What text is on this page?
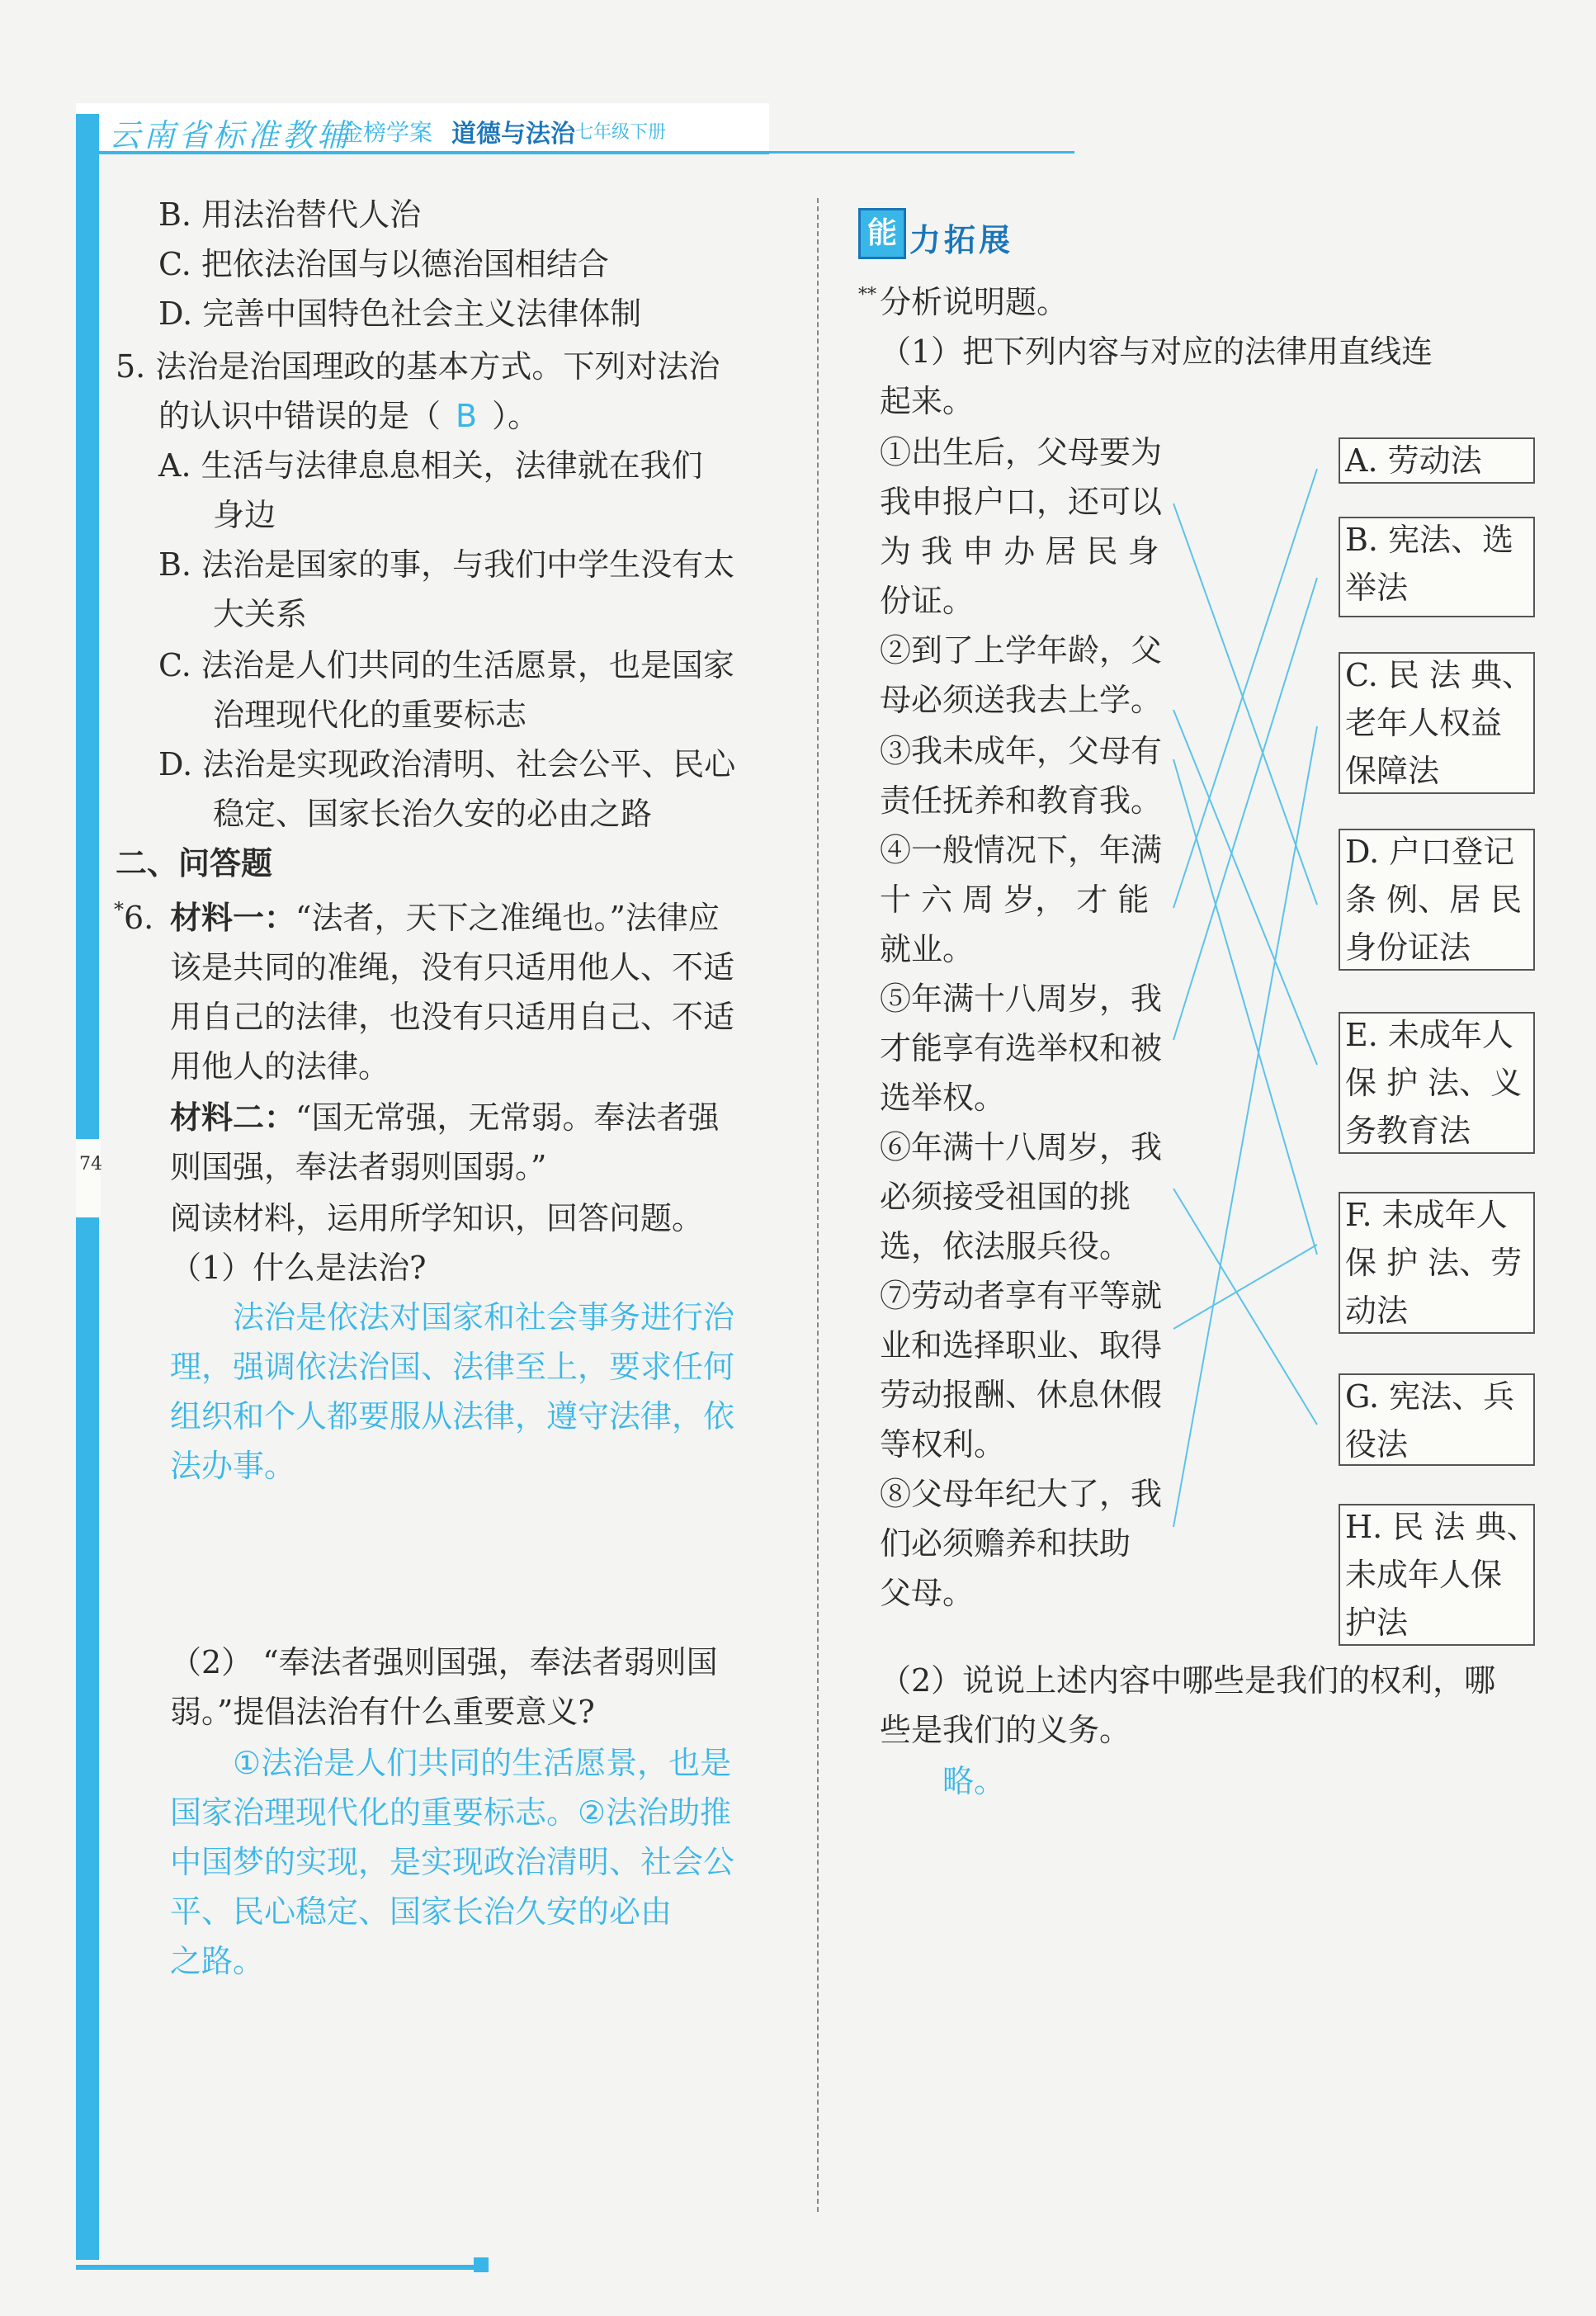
云南省标准教辅
金榜学案 道德与法治 七年级下册
74
B. 用法治替代人治
C. 把依法治国与以德治国相结合
D. 完善中国特色社会主义法律体制
5. 法治是治国理政的基本方式。下列对法治
的认识中错误的是（ B ）。
A. 生活与法律息息相关，法律就在我们
身边
B. 法治是国家的事，与我们中学生没有太
大关系
C. 法治是人们共同的生活愿景，也是国家
治理现代化的重要标志
D. 法治是实现政治清明、社会公平、民心
稳定、国家长治久安的必由之路
二、问答题
* 6. 材料一：“法者，天下之准绳也。”法律应
该是共同的准绳，没有只适用他人、不适
用自己的法律，也没有只适用自己、不适
用他人的法律。
材料二：“国无常强，无常弱。奉法者强
则国强，奉法者弱则国弱。”
阅读材料，运用所学知识，回答问题。
（1）什么是法治?
法治是依法对国家和社会事务进行治
理，强调依法治国、法律至上，要求任何
组织和个人都要服从法律，遵守法律，依
法办事。
（2） “奉法者强则国强，奉法者弱则国
弱。”提倡法治有什么重要意义?
①法治是人们共同的生活愿景，也是
国家治理现代化的重要标志。②法治助推
中国梦的实现，是实现政治清明、社会公
平、民心稳定、国家长治久安的必由
之路。
能 力拓展
** 分析说明题。
（1）把下列内容与对应的法律用直线连
起来。
①出生后，父母要为
我申报户口，还可以
为 我 申 办 居 民 身
份证。
②到了上学年龄，父
母必须送我去上学。
③我未成年，父母有
责任抚养和教育我。
④一般情况下，年满
十 六 周 岁， 才 能
就业。
⑤年满十八周岁，我
才能享有选举权和被
选举权。
⑥年满十八周岁，我
必须接受祖国的挑
选，依法服兵役。
⑦劳动者享有平等就
业和选择职业、取得
劳动报酬、休息休假
等权利。
⑧父母年纪大了，我
们必须赡养和扶助
父母。
A. 劳动法
B. 宪法、选
举法
C. 民 法 典、
老年人权益
保障法
D. 户口登记
条 例、居 民
身份证法
E. 未成年人
保 护 法、义
务教育法
F. 未成年人
保 护 法、劳
动法
G. 宪法、兵
役法
H. 民 法 典、
未成年人保
护法
（2）说说上述内容中哪些是我们的权利，哪
些是我们的义务。
略。
